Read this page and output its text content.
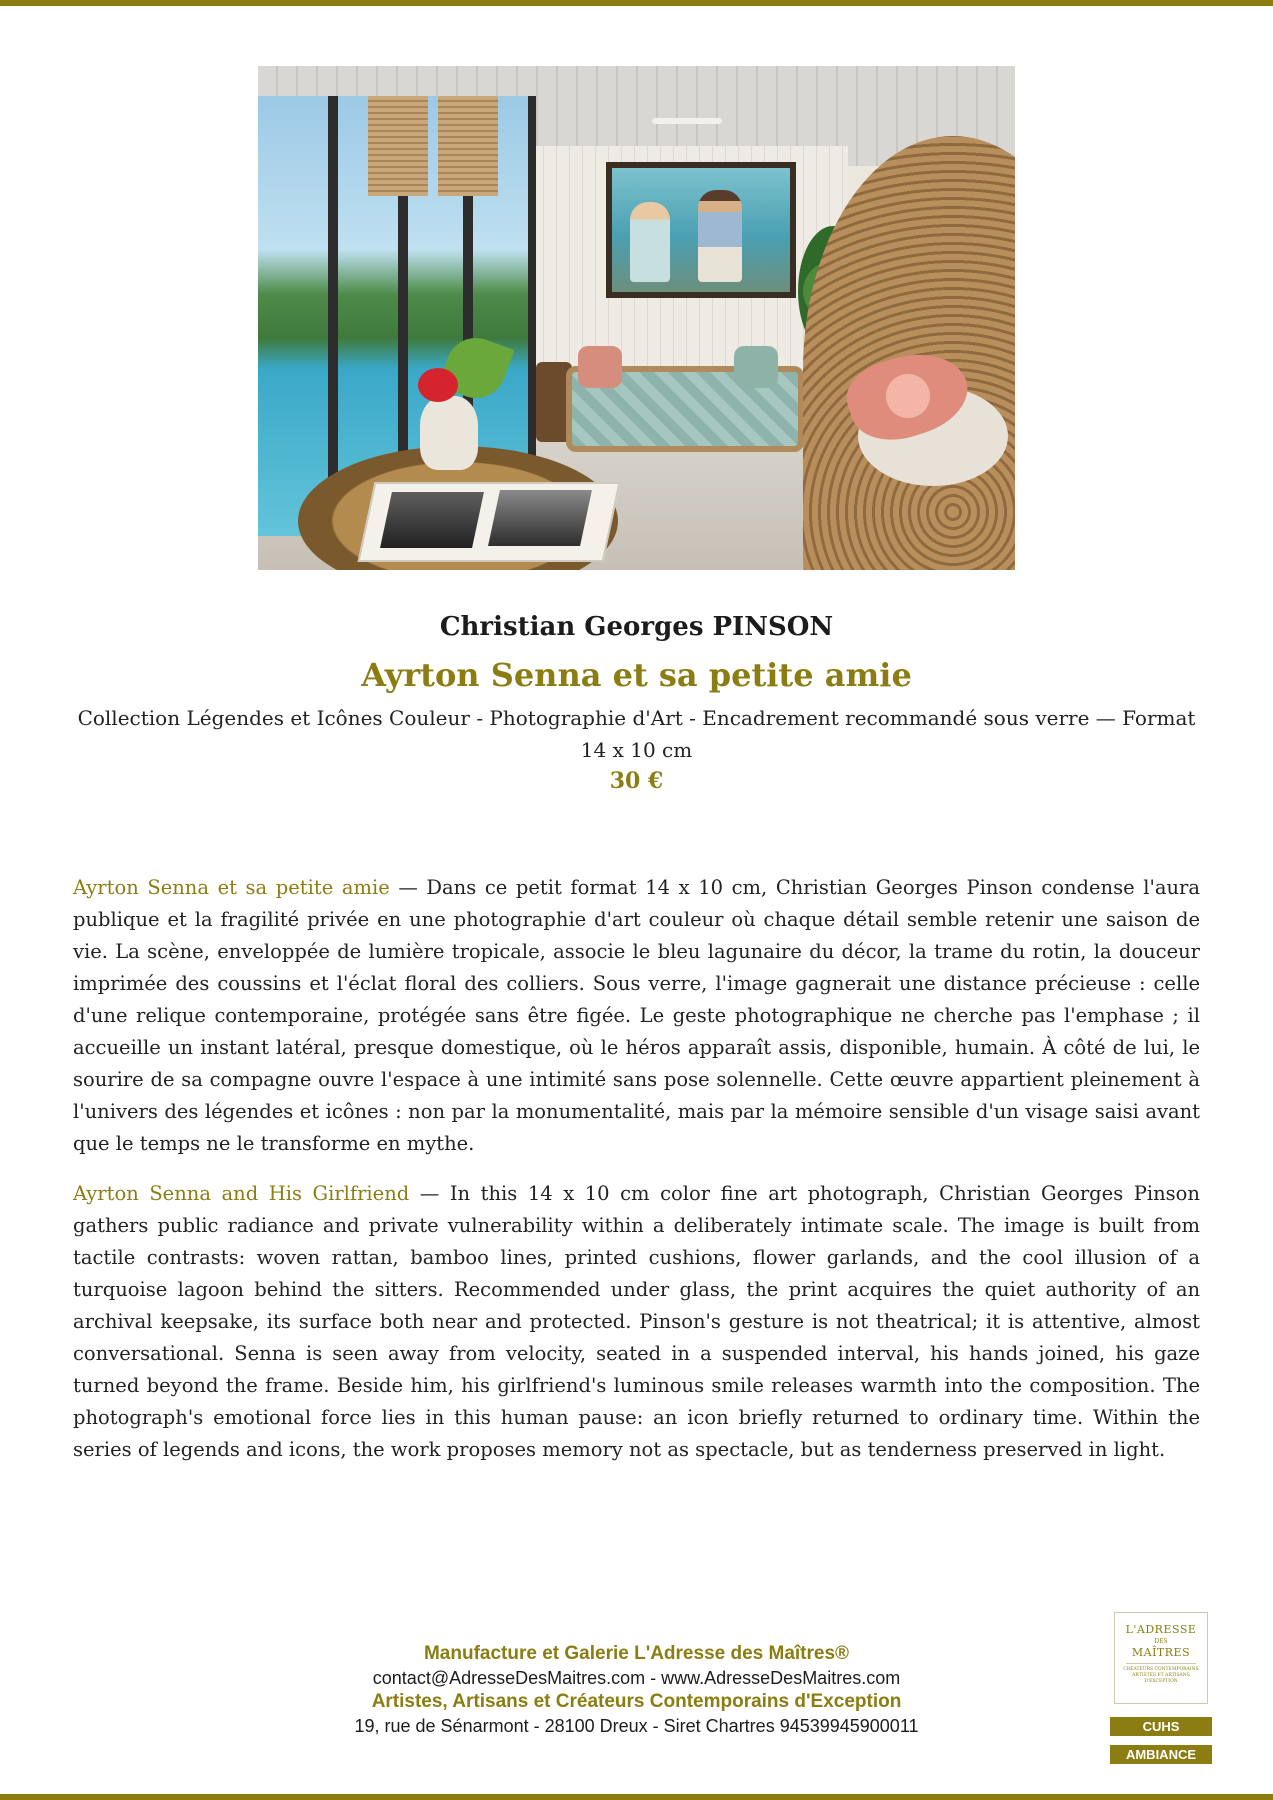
Christian Georges PINSON
Ayrton Senna et sa petite amie
Collection Légendes et Icônes Couleur - Photographie d'Art - Encadrement recommandé sous verre — Format 14 x 10 cm
30 €

Ayrton Senna et sa petite amie — Dans ce petit format 14 x 10 cm, Christian Georges Pinson condense l'aura publique et la fragilité privée en une photographie d'art couleur où chaque détail semble retenir une saison de vie. La scène, enveloppée de lumière tropicale, associe le bleu lagunaire du décor, la trame du rotin, la douceur imprimée des coussins et l'éclat floral des colliers. Sous verre, l'image gagnerait une distance précieuse : celle d'une relique contemporaine, protégée sans être figée. Le geste photographique ne cherche pas l'emphase ; il accueille un instant latéral, presque domestique, où le héros apparaît assis, disponible, humain. À côté de lui, le sourire de sa compagne ouvre l'espace à une intimité sans pose solennelle. Cette œuvre appartient pleinement à l'univers des légendes et icônes : non par la monumentalité, mais par la mémoire sensible d'un visage saisi avant que le temps ne le transforme en mythe.

Ayrton Senna and His Girlfriend — In this 14 x 10 cm color fine art photograph, Christian Georges Pinson gathers public radiance and private vulnerability within a deliberately intimate scale. The image is built from tactile contrasts: woven rattan, bamboo lines, printed cushions, flower garlands, and the cool illusion of a turquoise lagoon behind the sitters. Recommended under glass, the print acquires the quiet authority of an archival keepsake, its surface both near and protected. Pinson's gesture is not theatrical; it is attentive, almost conversational. Senna is seen away from velocity, seated in a suspended interval, his hands joined, his gaze turned beyond the frame. Beside him, his girlfriend's luminous smile releases warmth into the composition. The photograph's emotional force lies in this human pause: an icon briefly returned to ordinary time. Within the series of legends and icons, the work proposes memory not as spectacle, but as tenderness preserved in light.

Manufacture et Galerie L'Adresse des Maîtres®
contact@AdresseDesMaitres.com - www.AdresseDesMaitres.com
Artistes, Artisans et Créateurs Contemporains d'Exception
19, rue de Sénarmont - 28100 Dreux - Siret Chartres 94539945900011
L'ADRESSE
DES
MAÎTRES
CRÉATEURS CONTEMPORAINS ARTISTES ET ARTISANS D'EXCEPTION
CUHS
AMBIANCE
